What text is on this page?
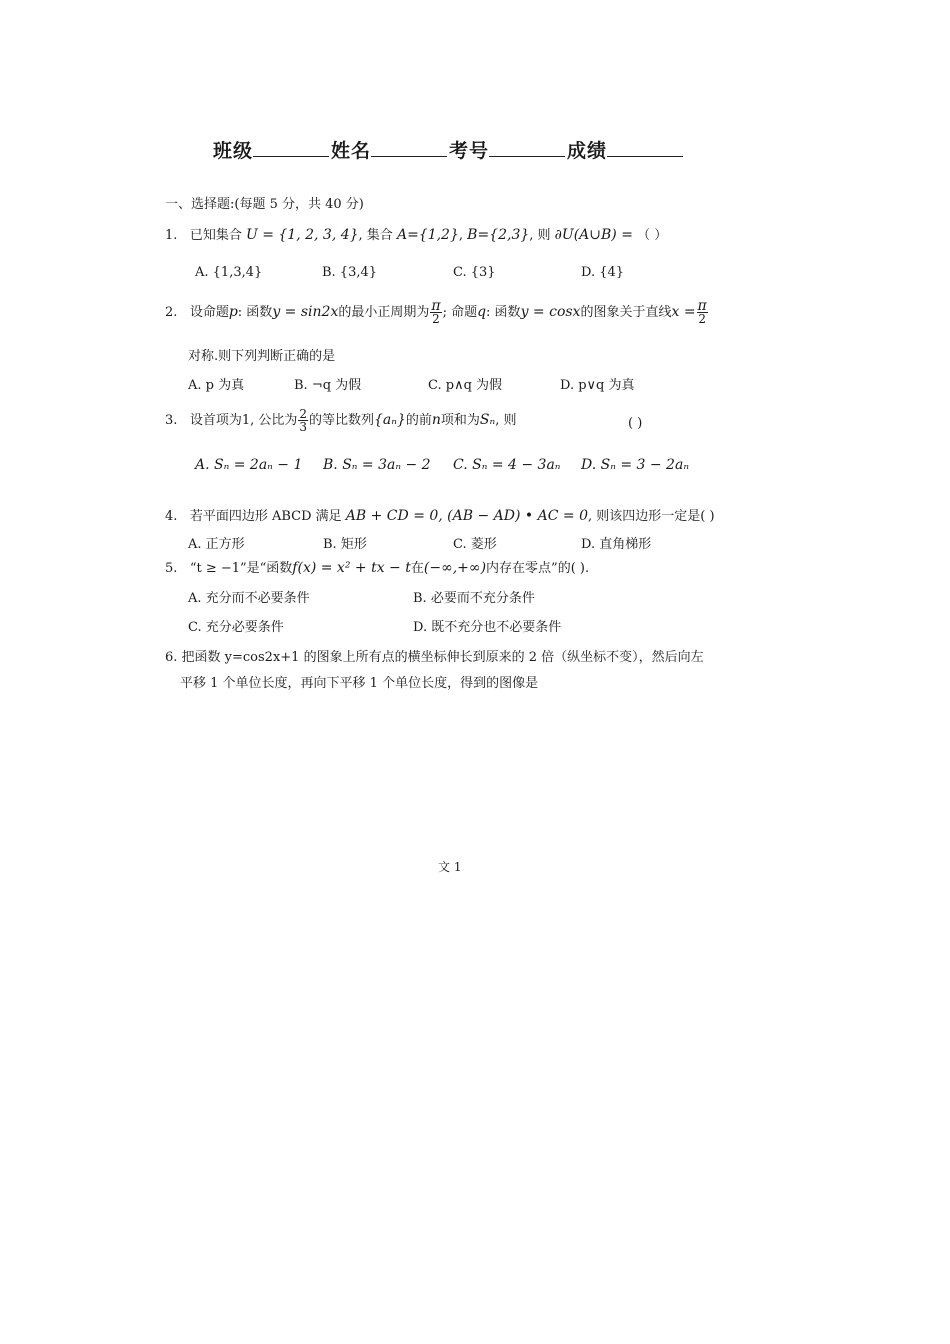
班级	姓名	考号	成绩
一、选择题:(每题 5 分，共 40 分)
1. 已知集合 U = {1, 2, 3, 4}, 集合 A={1,2}, B={2,3}, 则 ∂U(A∪B) = （ ）
A. {1,3,4}	B. {3,4}	C. {3}	D. {4}
2. 设命题p: 函数y = sin2x的最小正周期为 $\frac{\pi}{2}$ ; 命题q: 函数y = cosx的图象关于直线$x = \frac{\pi}{2}$
对称.则下列判断正确的是
A. p 为真	B. ¬q 为假	C. p∧q 为假	D. p∨q 为真
3. 设首项为1, 公比为 $\frac{2}{3}$ 的等比数列{aₙ}的前n项和为Sₙ, 则	( )
A. Sₙ = 2aₙ − 1 B. Sₙ = 3aₙ − 2 C. Sₙ = 4 − 3aₙ D. Sₙ = 3 − 2aₙ
4. 若平面四边形 ABCD 满足 AB + CD = 0, (AB − AD) • AC = 0, 则该四边形一定是( )
A. 正方形	B. 矩形	C. 菱形	D. 直角梯形
5. “t ≥ −1”是“函数f(x) = x² + tx − t在(−∞,+∞)内存在零点”的( ).
A. 充分而不必要条件	B. 必要而不充分条件
C. 充分必要条件	D. 既不充分也不必要条件
6. 把函数 y=cos2x+1 的图象上所有点的横坐标伸长到原来的 2 倍（纵坐标不变），然后向左
平移 1 个单位长度，再向下平移 1 个单位长度，得到的图像是
文 1
